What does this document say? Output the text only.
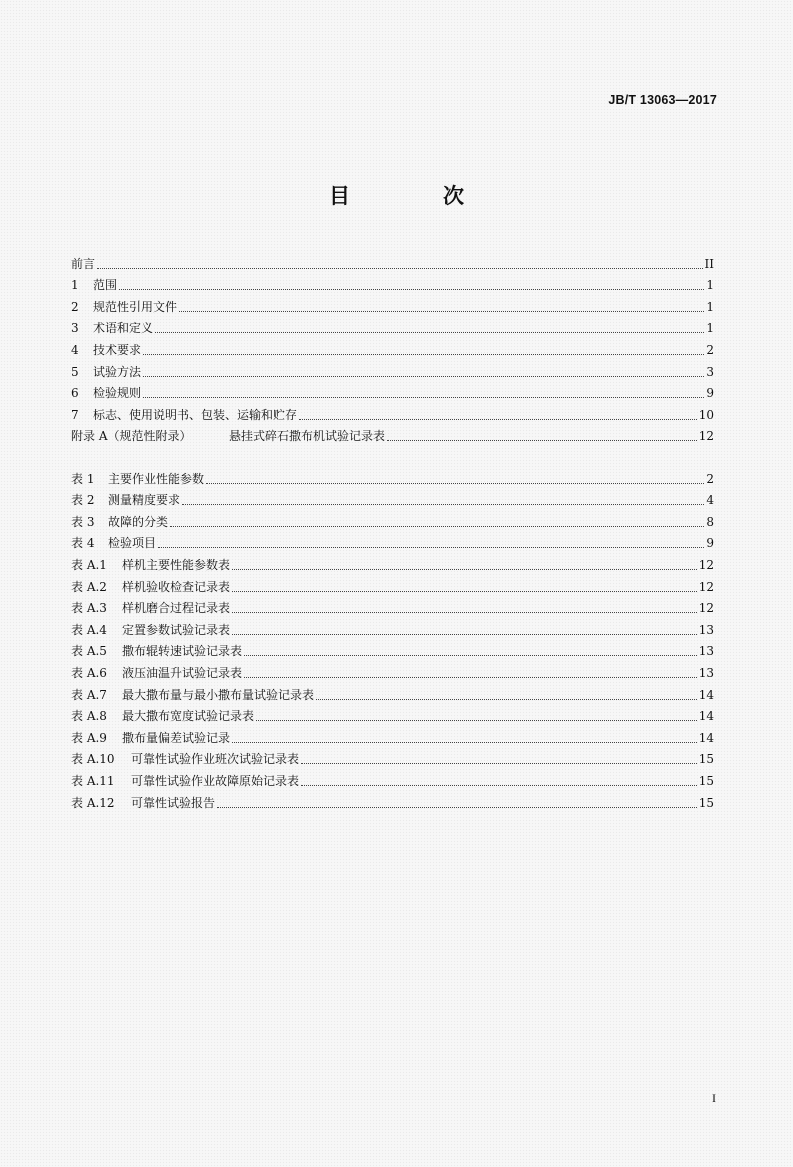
JB/T 13063—2017
目　次
前言	II
1	范围	1
2	规范性引用文件	1
3	术语和定义	1
4	技术要求	2
5	试验方法	3
6	检验规则	9
7	标志、使用说明书、包装、运输和贮存	10
附录 A（规范性附录）	悬挂式碎石撒布机试验记录表	12
表 1	主要作业性能参数	2
表 2	测量精度要求	4
表 3	故障的分类	8
表 4	检验项目	9
表 A.1	样机主要性能参数表	12
表 A.2	样机验收检查记录表	12
表 A.3	样机磨合过程记录表	12
表 A.4	定置参数试验记录表	13
表 A.5	撒布辊转速试验记录表	13
表 A.6	液压油温升试验记录表	13
表 A.7	最大撒布量与最小撒布量试验记录表	14
表 A.8	最大撒布宽度试验记录表	14
表 A.9	撒布量偏差试验记录	14
表 A.10	可靠性试验作业班次试验记录表	15
表 A.11	可靠性试验作业故障原始记录表	15
表 A.12	可靠性试验报告	15
I
